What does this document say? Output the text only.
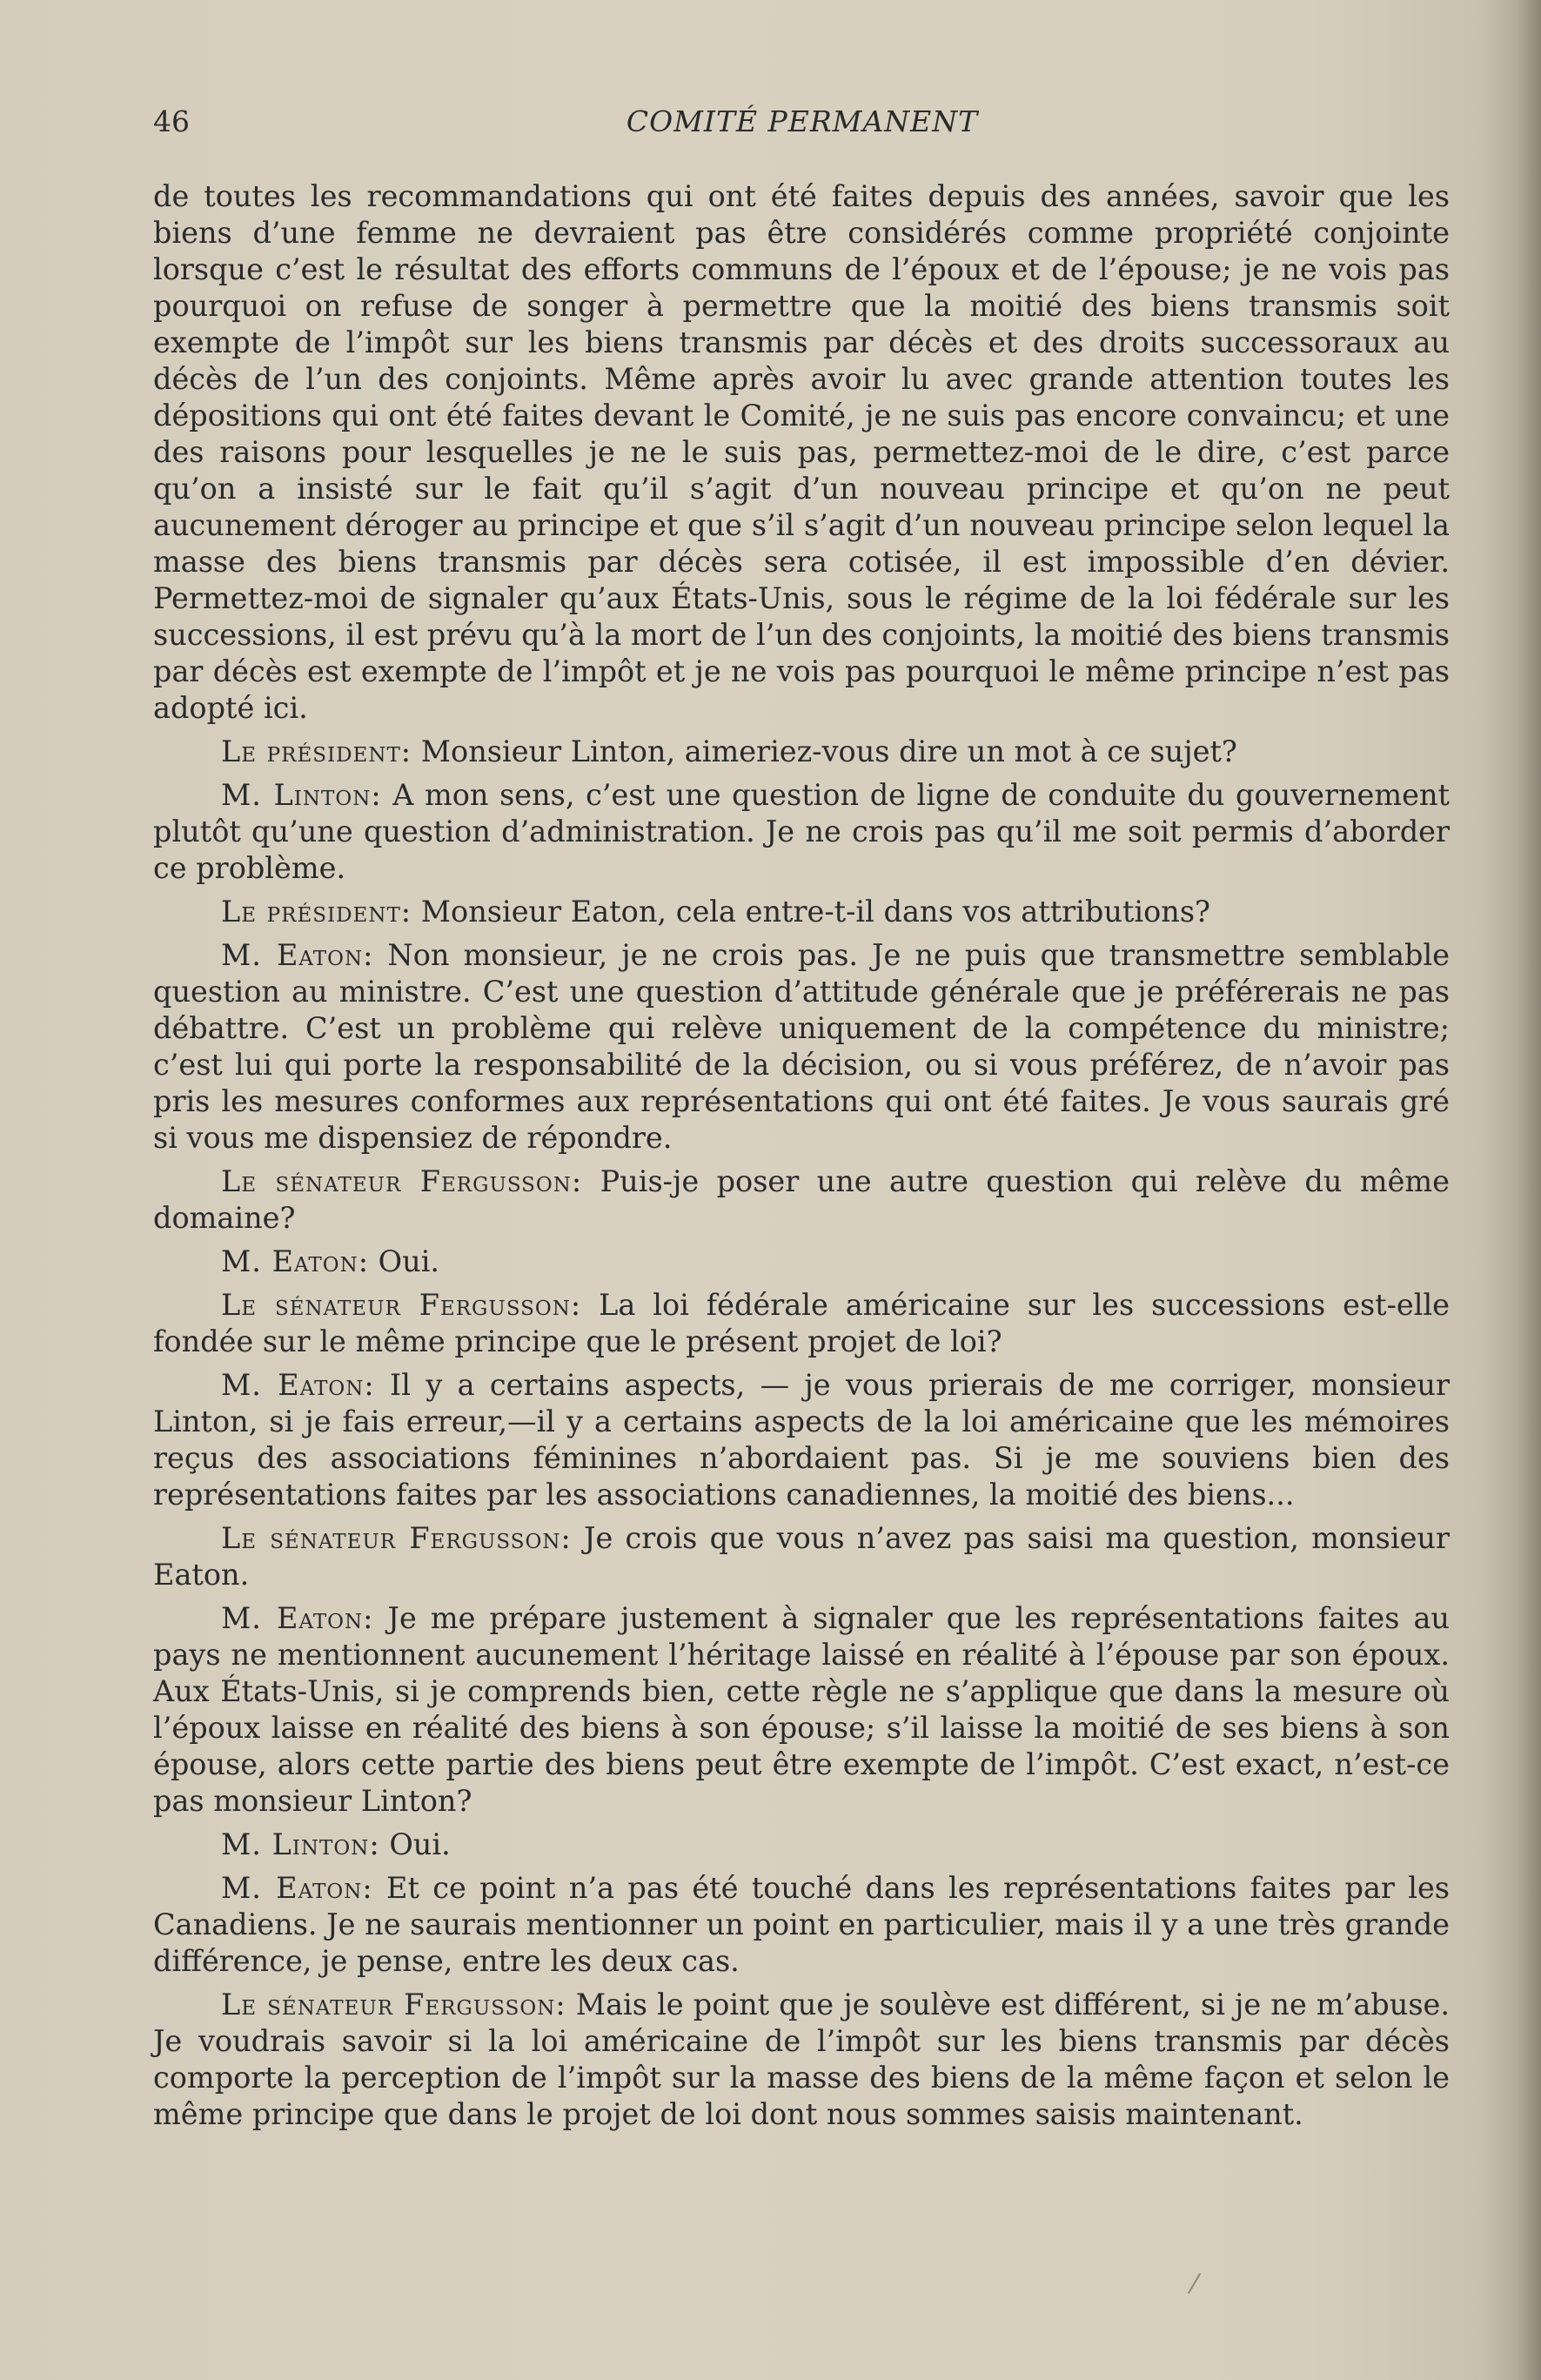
46	COMITÉ PERMANENT

de toutes les recommandations qui ont été faites depuis des années, savoir que les biens d’une femme ne devraient pas être considérés comme propriété conjointe lorsque c’est le résultat des efforts communs de l’époux et de l’épouse; je ne vois pas pourquoi on refuse de songer à permettre que la moitié des biens transmis soit exempte de l’impôt sur les biens transmis par décès et des droits successoraux au décès de l’un des conjoints. Même après avoir lu avec grande attention toutes les dépositions qui ont été faites devant le Comité, je ne suis pas encore convaincu; et une des raisons pour lesquelles je ne le suis pas, permettez-moi de le dire, c’est parce qu’on a insisté sur le fait qu’il s’agit d’un nouveau principe et qu’on ne peut aucunement déroger au principe et que s’il s’agit d’un nouveau principe selon lequel la masse des biens transmis par décès sera cotisée, il est impossible d’en dévier. Permettez-moi de signaler qu’aux États-Unis, sous le régime de la loi fédérale sur les successions, il est prévu qu’à la mort de l’un des conjoints, la moitié des biens transmis par décès est exempte de l’impôt et je ne vois pas pourquoi le même principe n’est pas adopté ici.

Le président: Monsieur Linton, aimeriez-vous dire un mot à ce sujet?

M. Linton: A mon sens, c’est une question de ligne de conduite du gouvernement plutôt qu’une question d’administration. Je ne crois pas qu’il me soit permis d’aborder ce problème.

Le président: Monsieur Eaton, cela entre-t-il dans vos attributions?

M. Eaton: Non monsieur, je ne crois pas. Je ne puis que transmettre semblable question au ministre. C’est une question d’attitude générale que je préférerais ne pas débattre. C’est un problème qui relève uniquement de la compétence du ministre; c’est lui qui porte la responsabilité de la décision, ou si vous préférez, de n’avoir pas pris les mesures conformes aux représentations qui ont été faites. Je vous saurais gré si vous me dispensiez de répondre.

Le sénateur Fergusson: Puis-je poser une autre question qui relève du même domaine?

M. Eaton: Oui.

Le sénateur Fergusson: La loi fédérale américaine sur les successions est-elle fondée sur le même principe que le présent projet de loi?

M. Eaton: Il y a certains aspects, — je vous prierais de me corriger, monsieur Linton, si je fais erreur,—il y a certains aspects de la loi américaine que les mémoires reçus des associations féminines n’abordaient pas. Si je me souviens bien des représentations faites par les associations canadiennes, la moitié des biens...

Le sénateur Fergusson: Je crois que vous n’avez pas saisi ma question, monsieur Eaton.

M. Eaton: Je me prépare justement à signaler que les représentations faites au pays ne mentionnent aucunement l’héritage laissé en réalité à l’épouse par son époux. Aux États-Unis, si je comprends bien, cette règle ne s’applique que dans la mesure où l’époux laisse en réalité des biens à son épouse; s’il laisse la moitié de ses biens à son épouse, alors cette partie des biens peut être exempte de l’impôt. C’est exact, n’est-ce pas monsieur Linton?

M. Linton: Oui.

M. Eaton: Et ce point n’a pas été touché dans les représentations faites par les Canadiens. Je ne saurais mentionner un point en particulier, mais il y a une très grande différence, je pense, entre les deux cas.

Le sénateur Fergusson: Mais le point que je soulève est différent, si je ne m’abuse. Je voudrais savoir si la loi américaine de l’impôt sur les biens transmis par décès comporte la perception de l’impôt sur la masse des biens de la même façon et selon le même principe que dans le projet de loi dont nous sommes saisis maintenant.

⁄
